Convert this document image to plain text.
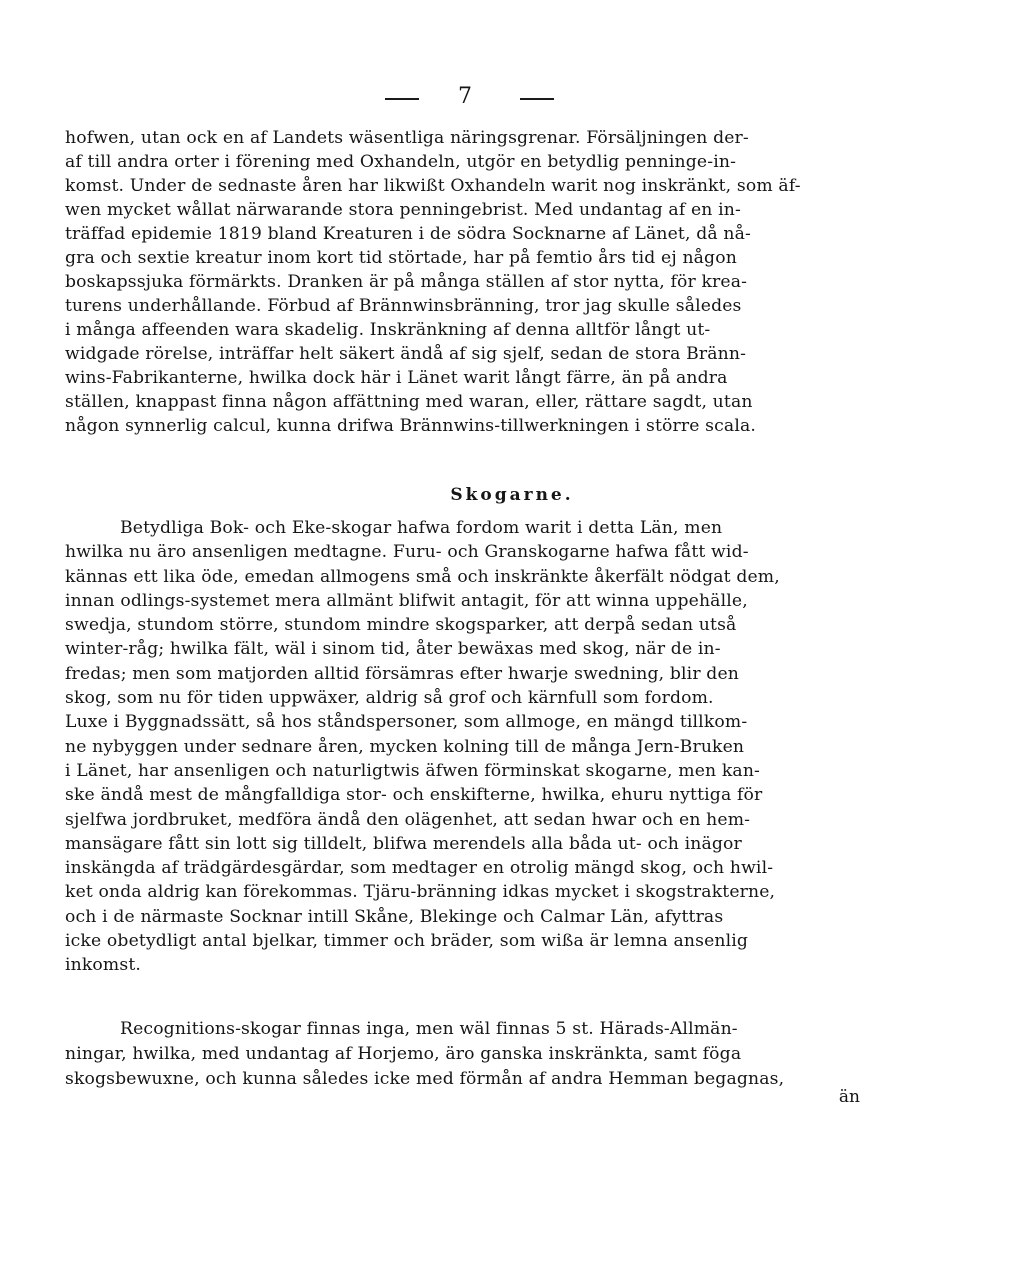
7
hofwen, utan ock en af Landets wäsentliga näringsgrenar. Försäljningen der-
af till andra orter i förening med Oxhandeln, utgör en betydlig penninge-in-
komst. Under de sednaste åren har likwißt Oxhandeln warit nog inskränkt, som äf-
wen mycket wållat närwarande stora penningebrist. Med undantag af en in-
träffad epidemie 1819 bland Kreaturen i de södra Socknarne af Länet, då nå-
gra och sextie kreatur inom kort tid störtade, har på femtio års tid ej någon
boskapssjuka förmärkts. Dranken är på många ställen af stor nytta, för krea-
turens underhållande. Förbud af Brännwinsbränning, tror jag skulle således
i många affeenden wara skadelig. Inskränkning af denna alltför långt ut-
widgade rörelse, inträffar helt säkert ändå af sig sjelf, sedan de stora Bränn-
wins-Fabrikanterne, hwilka dock här i Länet warit långt färre, än på andra
ställen, knappast finna någon affättning med waran, eller, rättare sagdt, utan
någon synnerlig calcul, kunna drifwa Brännwins-tillwerkningen i större scala.
Skogarne.
Betydliga Bok- och Eke-skogar hafwa fordom warit i detta Län, men
hwilka nu äro ansenligen medtagne. Furu- och Granskogarne hafwa fått wid-
kännas ett lika öde, emedan allmogens små och inskränkte åkerfält nödgat dem,
innan odlings-systemet mera allmänt blifwit antagit, för att winna uppehälle,
swedja, stundom större, stundom mindre skogsparker, att derpå sedan utså
winter-råg; hwilka fält, wäl i sinom tid, åter bewäxas med skog, när de in-
fredas; men som matjorden alltid försämras efter hwarje swedning, blir den
skog, som nu för tiden uppwäxer, aldrig så grof och kärnfull som fordom.
Luxe i Byggnadssätt, så hos ståndspersoner, som allmoge, en mängd tillkom-
ne nybyggen under sednare åren, mycken kolning till de många Jern-Bruken
i Länet, har ansenligen och naturligtwis äfwen förminskat skogarne, men kan-
ske ändå mest de mångfalldiga stor- och enskifterne, hwilka, ehuru nyttiga för
sjelfwa jordbruket, medföra ändå den olägenhet, att sedan hwar och en hem-
mansägare fått sin lott sig tilldelt, blifwa merendels alla båda ut- och inägor
inskängda af trädgärdesgärdar, som medtager en otrolig mängd skog, och hwil-
ket onda aldrig kan förekommas. Tjäru-bränning idkas mycket i skogstrakterne,
och i de närmaste Socknar intill Skåne, Blekinge och Calmar Län, afyttras
icke obetydligt antal bjelkar, timmer och bräder, som wißa är lemna ansenlig
inkomst.
Recognitions-skogar finnas inga, men wäl finnas 5 st. Härads-Allmän-
ningar, hwilka, med undantag af Horjemo, äro ganska inskränkta, samt föga
skogsbewuxne, och kunna således icke med förmån af andra Hemman begagnas,
än
